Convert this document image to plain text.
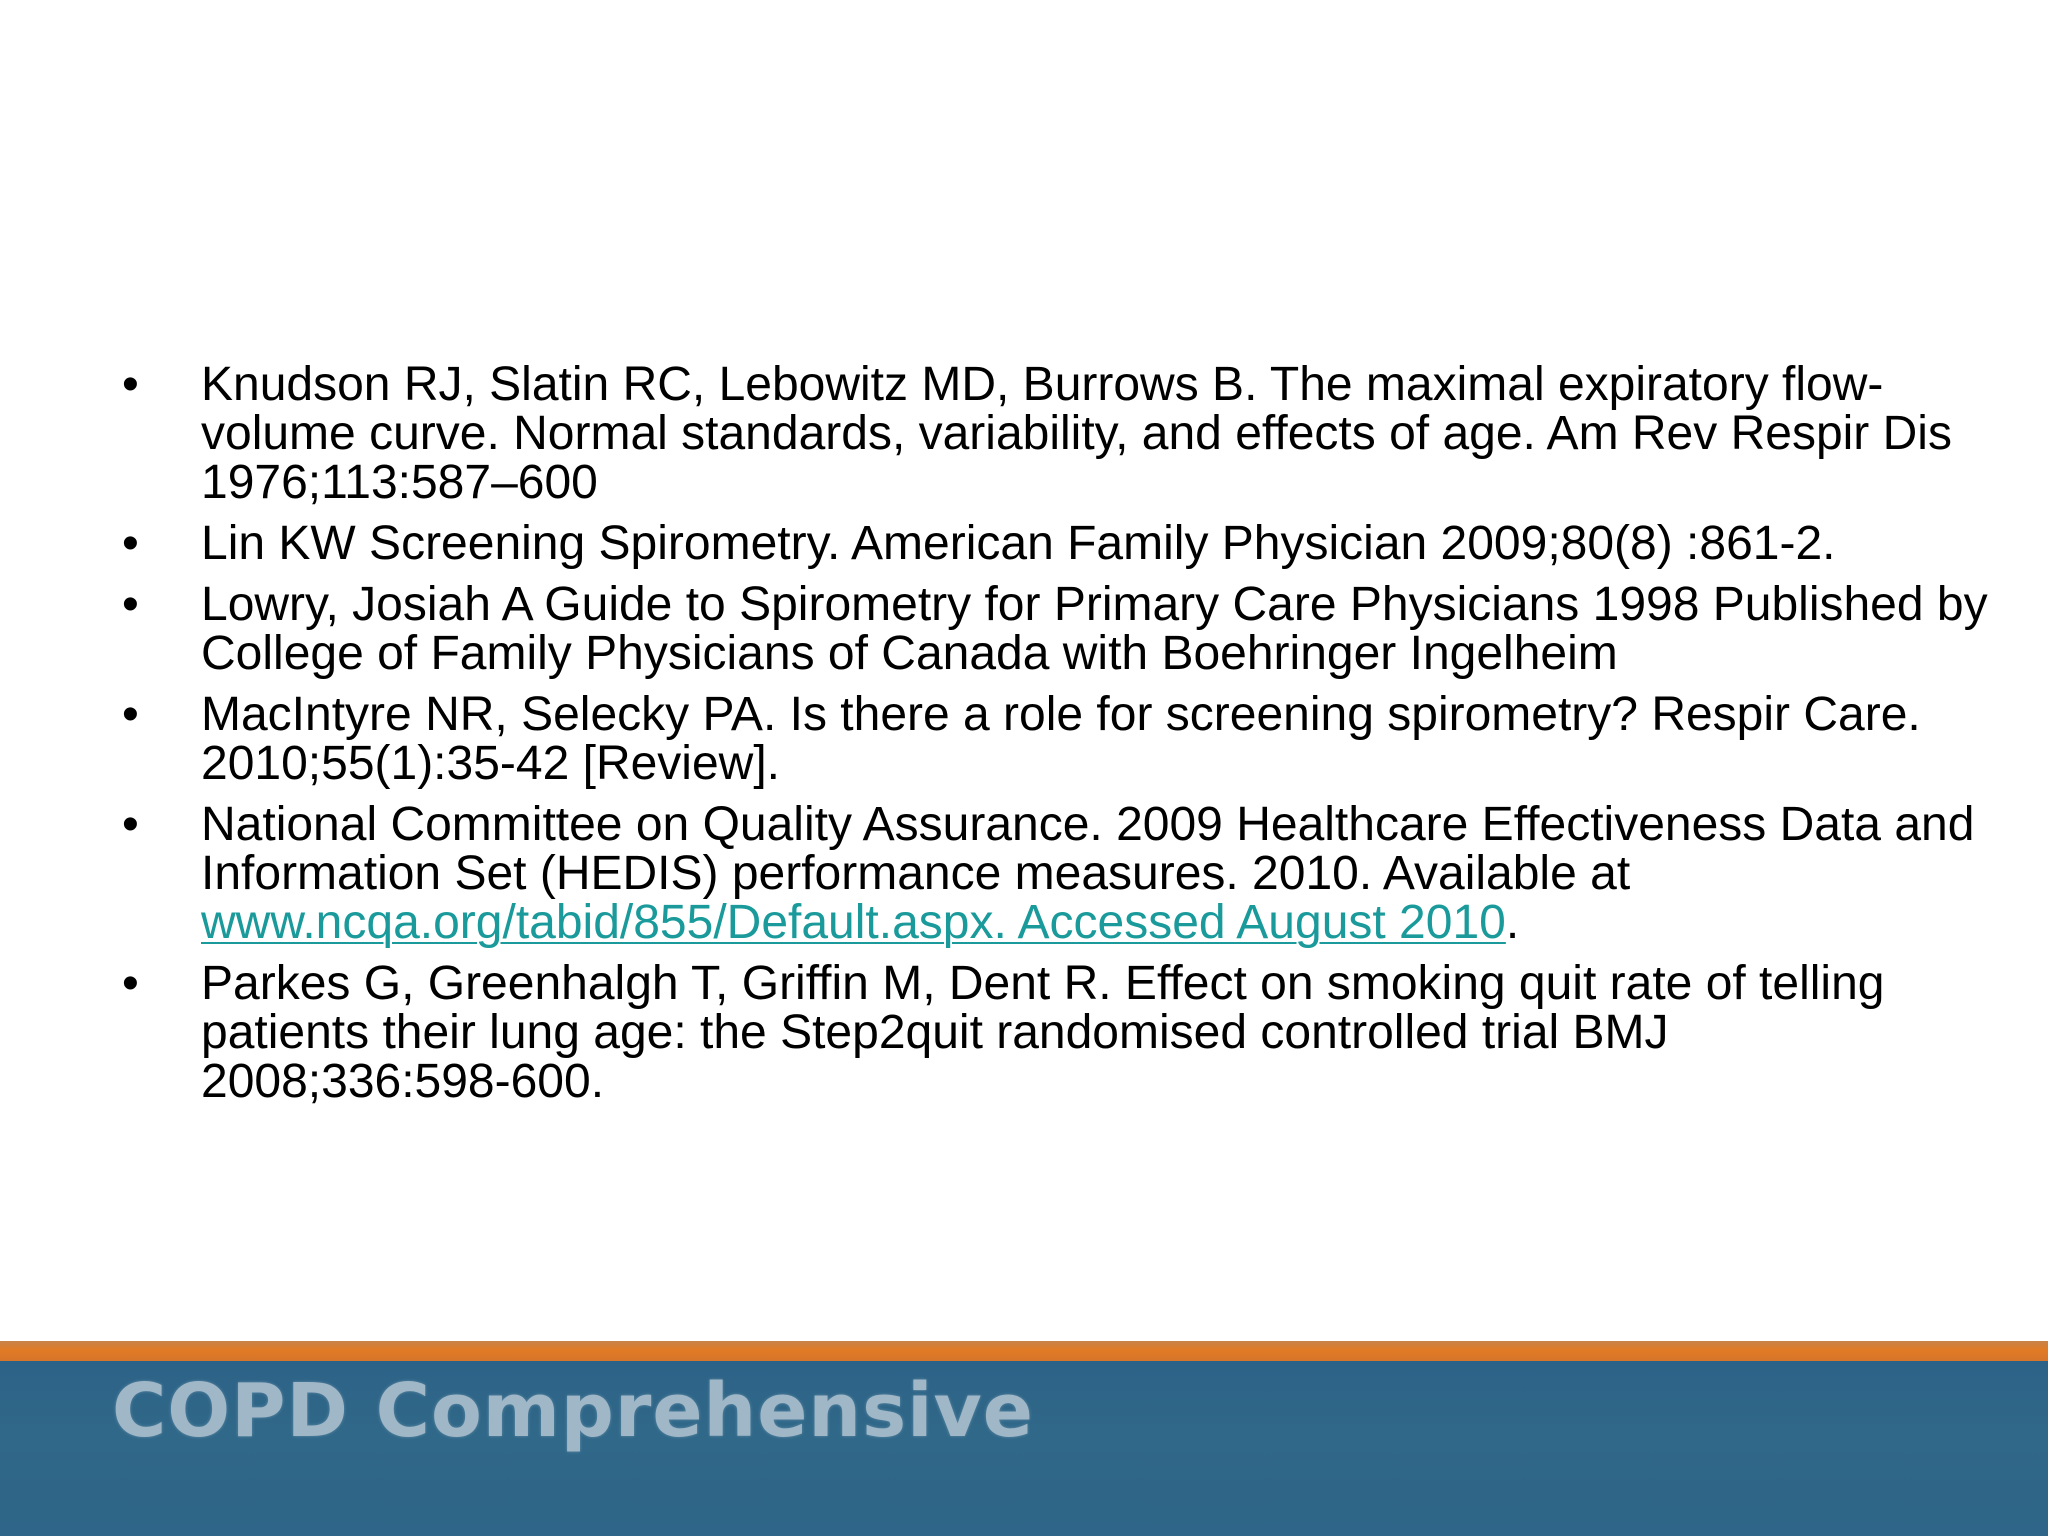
• Knudson RJ, Slatin RC, Lebowitz MD, Burrows B. The maximal expiratory flow-volume curve. Normal standards, variability, and effects of age. Am Rev Respir Dis 1976;113:587–600
• Lin KW Screening Spirometry. American Family Physician 2009;80(8) :861-2.
• Lowry, Josiah A Guide to Spirometry for Primary Care Physicians 1998 Published by College of Family Physicians of Canada with Boehringer Ingelheim
• MacIntyre NR, Selecky PA. Is there a role for screening spirometry? Respir Care. 2010;55(1):35-42 [Review].
• National Committee on Quality Assurance. 2009 Healthcare Effectiveness Data and Information Set (HEDIS) performance measures. 2010. Available at www.ncqa.org/tabid/855/Default.aspx. Accessed August 2010.
• Parkes G, Greenhalgh T, Griffin M, Dent R. Effect on smoking quit rate of telling patients their lung age: the Step2quit randomised controlled trial BMJ 2008;336:598-600.
COPD Comprehensive
